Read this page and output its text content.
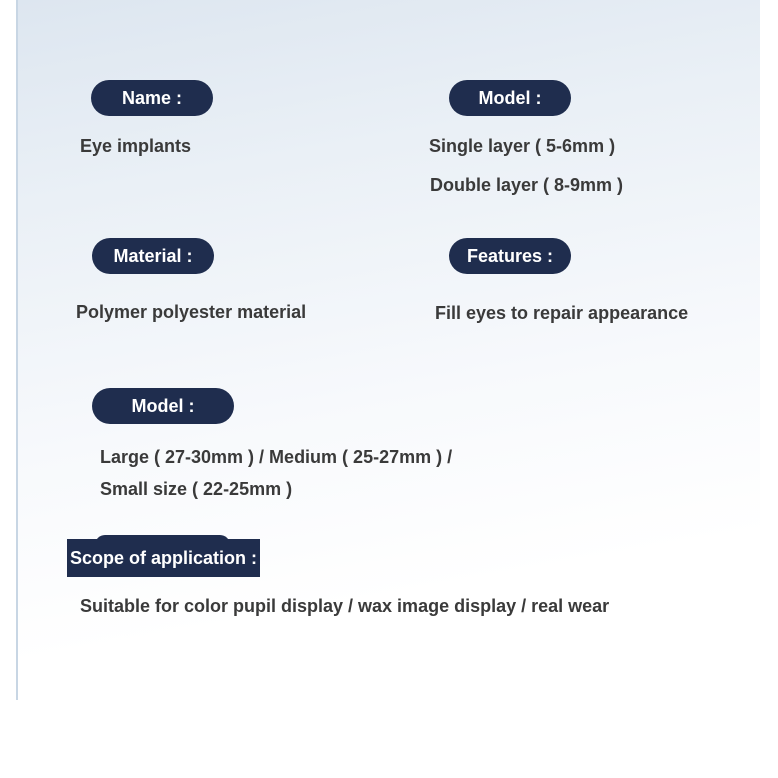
Name :
Eye implants
Model :
Single layer ( 5-6mm )
Double layer ( 8-9mm )
Material :
Polymer polyester material
Features :
Fill eyes to repair appearance
Model :
Large ( 27-30mm ) / Medium ( 25-27mm ) /
Small size ( 22-25mm )
Scope of application :
Suitable for color pupil display / wax image display / real wear
